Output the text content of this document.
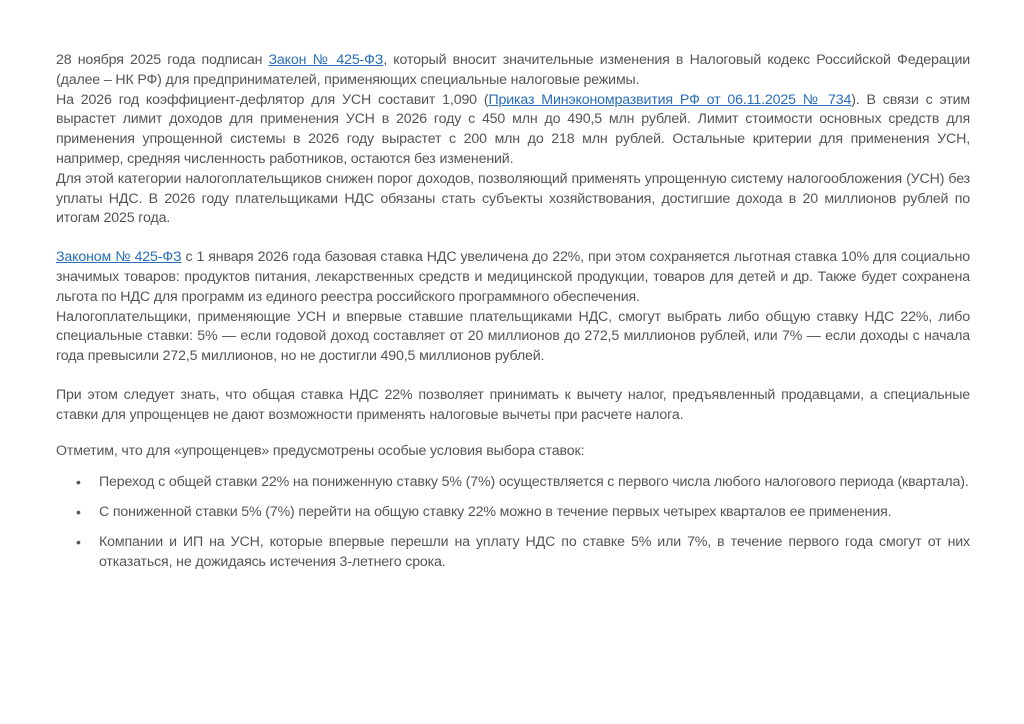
28 ноября 2025 года подписан Закон № 425-ФЗ, который вносит значительные изменения в Налоговый кодекс Российской Федерации (далее – НК РФ) для предпринимателей, применяющих специальные налоговые режимы.

На 2026 год коэффициент-дефлятор для УСН составит 1,090 (Приказ Минэкономразвития РФ от 06.11.2025 № 734). В связи с этим вырастет лимит доходов для применения УСН в 2026 году с 450 млн до 490,5 млн рублей. Лимит стоимости основных средств для применения упрощенной системы в 2026 году вырастет с 200 млн до 218 млн рублей. Остальные критерии для применения УСН, например, средняя численность работников, остаются без изменений.

Для этой категории налогоплательщиков снижен порог доходов, позволяющий применять упрощенную систему налогообложения (УСН) без уплаты НДС. В 2026 году плательщиками НДС обязаны стать субъекты хозяйствования, достигшие дохода в 20 миллионов рублей по итогам 2025 года.

Законом № 425-ФЗ с 1 января 2026 года базовая ставка НДС увеличена до 22%, при этом сохраняется льготная ставка 10% для социально значимых товаров: продуктов питания, лекарственных средств и медицинской продукции, товаров для детей и др. Также будет сохранена льгота по НДС для программ из единого реестра российского программного обеспечения.

Налогоплательщики, применяющие УСН и впервые ставшие плательщиками НДС, смогут выбрать либо общую ставку НДС 22%, либо специальные ставки: 5% — если годовой доход составляет от 20 миллионов до 272,5 миллионов рублей, или 7% — если доходы с начала года превысили 272,5 миллионов, но не достигли 490,5 миллионов рублей.

При этом следует знать, что общая ставка НДС 22% позволяет принимать к вычету налог, предъявленный продавцами, а специальные ставки для упрощенцев не дают возможности применять налоговые вычеты при расчете налога.

Отметим, что для «упрощенцев» предусмотрены особые условия выбора ставок:

• Переход с общей ставки 22% на пониженную ставку 5% (7%) осуществляется с первого числа любого налогового периода (квартала).
• С пониженной ставки 5% (7%) перейти на общую ставку 22% можно в течение первых четырех кварталов ее применения.
• Компании и ИП на УСН, которые впервые перешли на уплату НДС по ставке 5% или 7%, в течение первого года смогут от них отказаться, не дожидаясь истечения 3-летнего срока.
